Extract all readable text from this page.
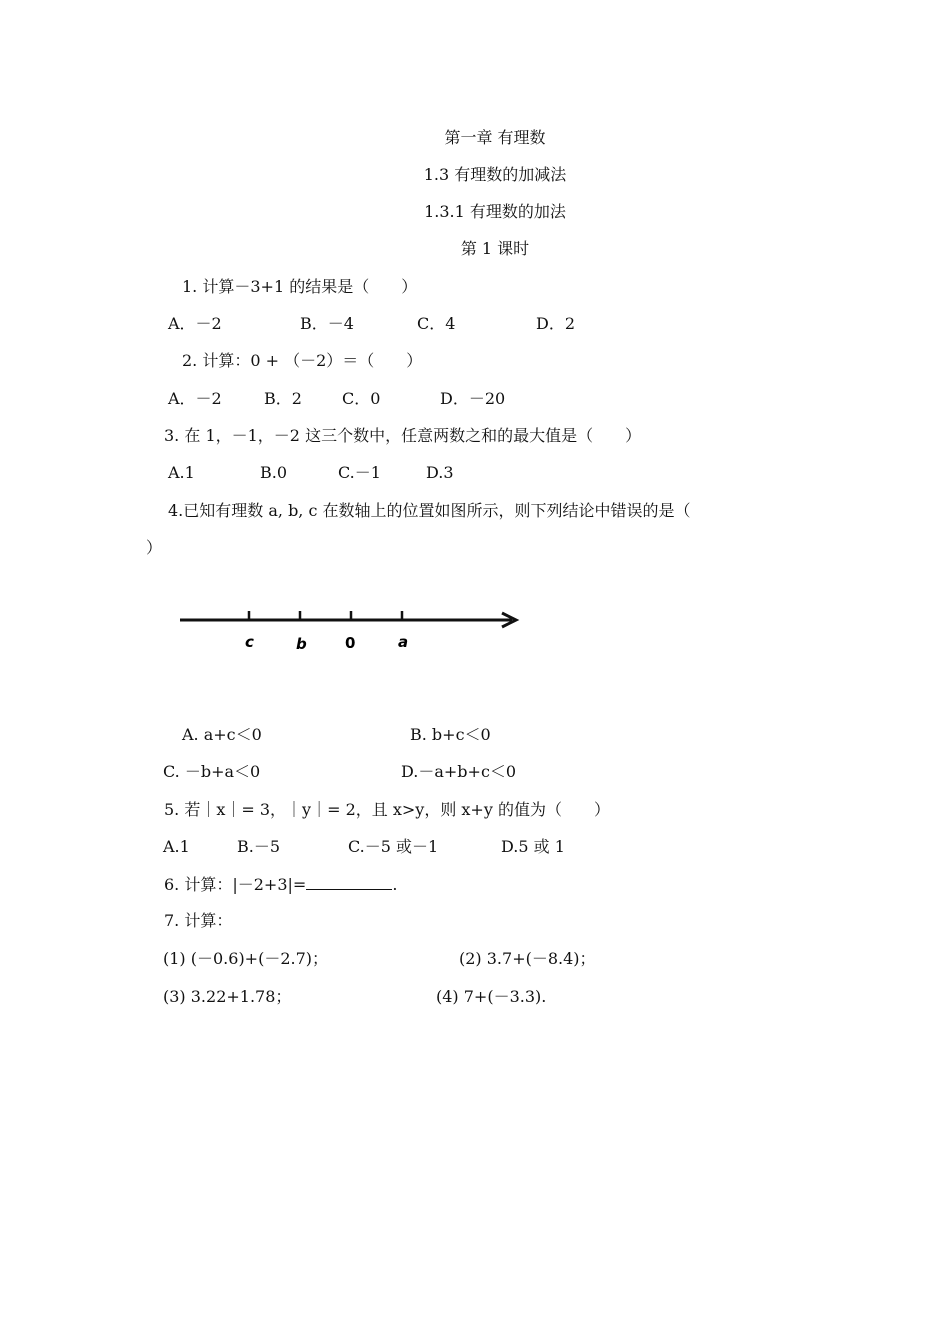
第一章 有理数
1.3 有理数的加减法
1.3.1 有理数的加法
第 1 课时
1. 计算－3+1 的结果是（　　）
A．－2	B．－4	C．4	D．2
2. 计算：0 + （－2）＝（　　）
A．－2	B．2	C．0	D．－20
3. 在 1，－1，－2 这三个数中，任意两数之和的最大值是（　　）
A.1	B.0	C.－1	D.3
4.已知有理数 a, b, c 在数轴上的位置如图所示，则下列结论中错误的是（
）
c	b	0	a
A. a+c＜0	B. b+c＜0
C. －b+a＜0	D.－a+b+c＜0
5. 若｜x｜= 3，｜y｜= 2，且 x>y，则 x+y 的值为（　　）
A.1	B.－5	C.－5 或－1	D.5 或 1
6. 计算：|－2+3|=	.
7. 计算：
(1) (－0.6)+(－2.7)；	(2) 3.7+(－8.4)；
(3) 3.22+1.78；	(4) 7+(－3.3).
